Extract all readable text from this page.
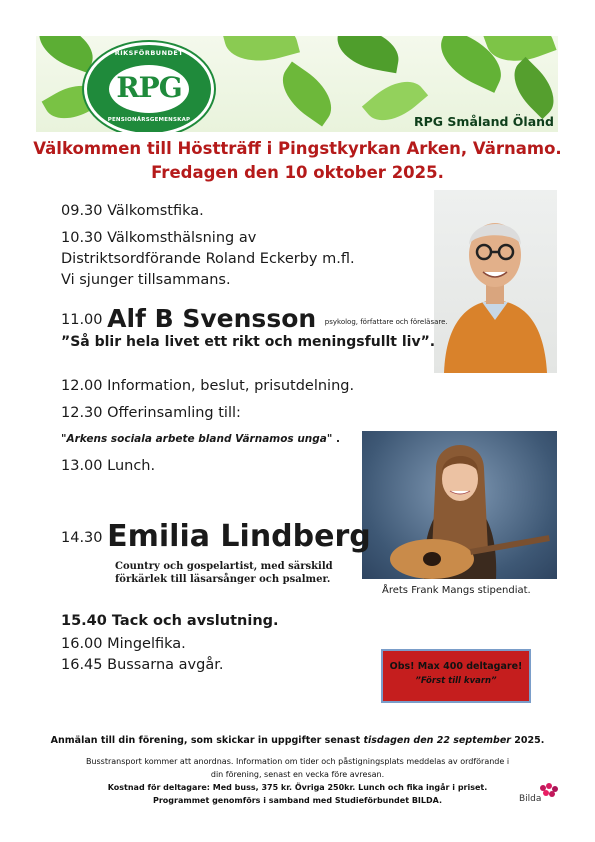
RIKSFÖRBUNDET
RPG
PENSIONÄRSGEMENSKAP	RPG Småland Öland
Välkommen till Höstträff i Pingstkyrkan Arken, Värnamo.
Fredagen den 10 oktober 2025.
09.30 Välkomstfika.
10.30 Välkomsthälsning av
Distriktsordförande Roland Eckerby m.fl.
Vi sjunger tillsammans.
11.00 Alf B Svensson psykolog, författare och föreläsare.
”Så blir hela livet ett rikt och meningsfullt liv”.
12.00 Information, beslut, prisutdelning.
12.30 Offerinsamling till:
"Arkens sociala arbete bland Värnamos unga" .
13.00 Lunch.
14.30 Emilia Lindberg
Country och gospelartist, med särskild
förkärlek till läsarsånger och psalmer.
Årets Frank Mangs stipendiat.
15.40 Tack och avslutning.
16.00 Mingelfika.
16.45 Bussarna avgår.	Obs! Max 400 deltagare!
”Först till kvarn”
Anmälan till din förening, som skickar in uppgifter senast tisdagen den 22 september 2025.
Busstransport kommer att anordnas. Information om tider och påstigningsplats meddelas av ordförande i
din förening, senast en vecka före avresan.
Kostnad för deltagare: Med buss, 375 kr. Övriga 250kr. Lunch och fika ingår i priset.
Programmet genomförs i samband med Studieförbundet BILDA.	Bilda
